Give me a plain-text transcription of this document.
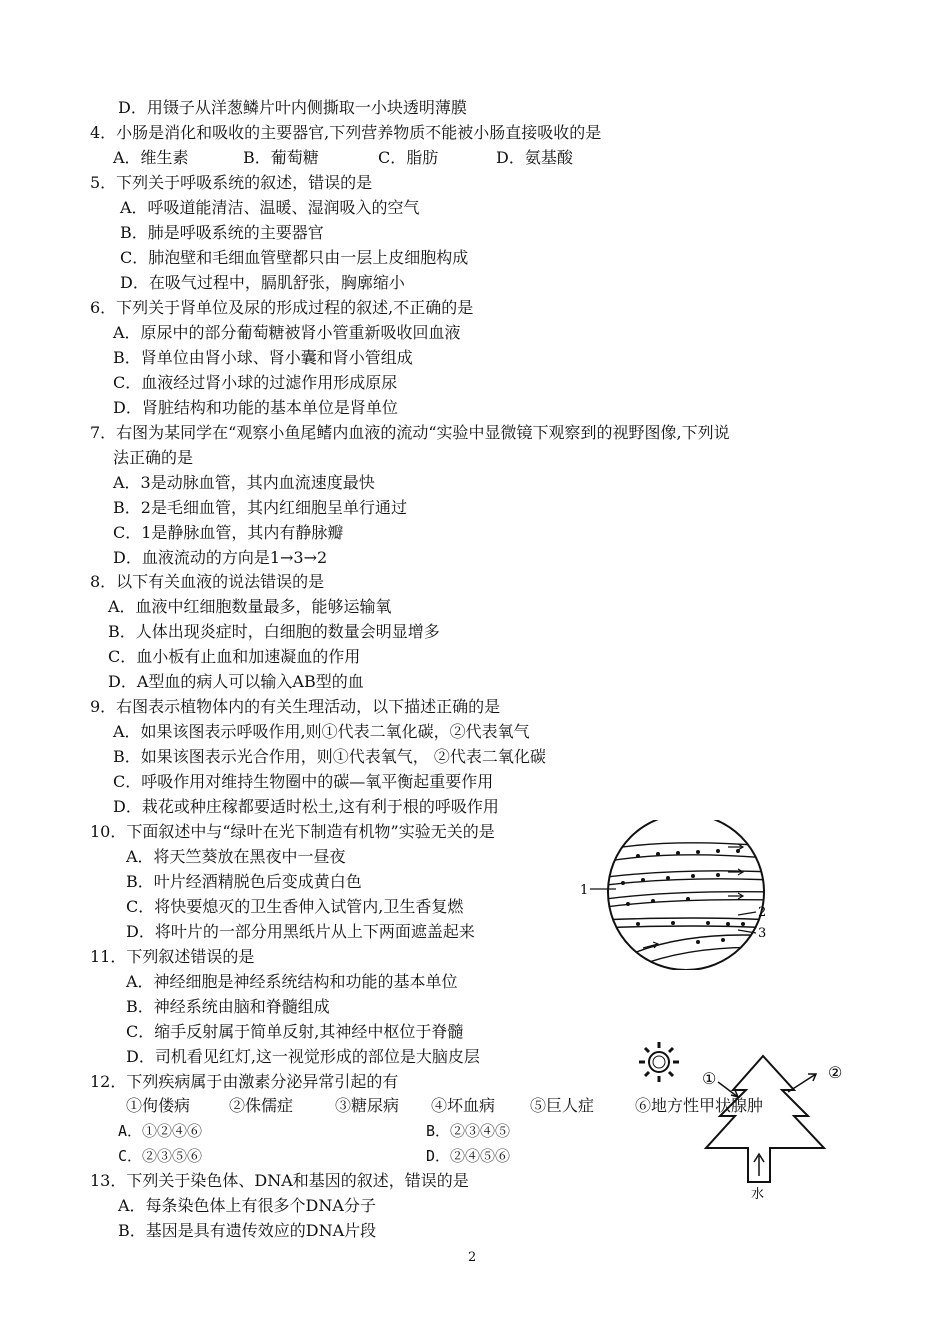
D．用镊子从洋葱鳞片叶内侧撕取一小块透明薄膜
4．小肠是消化和吸收的主要器官,下列营养物质不能被小肠直接吸收的是
5．下列关于呼吸系统的叙述，错误的是
A．呼吸道能清洁、温暖、湿润吸入的空气
B．肺是呼吸系统的主要器官
C．肺泡壁和毛细血管壁都只由一层上皮细胞构成
D．在吸气过程中，膈肌舒张，胸廓缩小
6．下列关于肾单位及尿的形成过程的叙述,不正确的是
A．原尿中的部分葡萄糖被肾小管重新吸收回血液
B．肾单位由肾小球、肾小囊和肾小管组成
C．血液经过肾小球的过滤作用形成原尿
D．肾脏结构和功能的基本单位是肾单位
7．右图为某同学在“观察小鱼尾鳍内血液的流动“实验中显微镜下观察到的视野图像,下列说
法正确的是
A．3是动脉血管，其内血流速度最快
B．2是毛细血管，其内红细胞呈单行通过
C．1是静脉血管，其内有静脉瓣
D．血液流动的方向是1→3→2
8．以下有关血液的说法错误的是
A．血液中红细胞数量最多，能够运输氧
B．人体出现炎症时，白细胞的数量会明显增多
C．血小板有止血和加速凝血的作用
D．A型血的病人可以输入AB型的血
9．右图表示植物体内的有关生理活动，以下描述正确的是
A．如果该图表示呼吸作用,则①代表二氧化碳，②代表氧气
B．如果该图表示光合作用，则①代表氧气， ②代表二氧化碳
C．呼吸作用对维持生物圈中的碳—氧平衡起重要作用
D．栽花或种庄稼都要适时松土,这有利于根的呼吸作用
10．下面叙述中与“绿叶在光下制造有机物”实验无关的是
A．将天竺葵放在黑夜中一昼夜
B．叶片经酒精脱色后变成黄白色
C．将快要熄灭的卫生香伸入试管内,卫生香复燃
D．将叶片的一部分用黑纸片从上下两面遮盖起来
11．下列叙述错误的是
A．神经细胞是神经系统结构和功能的基本单位
B．神经系统由脑和脊髓组成
C．缩手反射属于简单反射,其神经中枢位于脊髓
D．司机看见红灯,这一视觉形成的部位是大脑皮层
12．下列疾病属于由激素分泌异常引起的有
13．下列关于染色体、DNA和基因的叙述，错误的是
A．每条染色体上有很多个DNA分子
B．基因是具有遗传效应的DNA片段
A．维生素	B．葡萄糖	C．脂肪	D．氨基酸
①佝偻病 ②侏儒症	③糖尿病 ④坏血病 ⑤巨人症	⑥地方性甲状腺肿
A．①②④⑥	B．②③④⑤
C．②③⑤⑥	D．②④⑤⑥
1
2
3
水
①	②
2
